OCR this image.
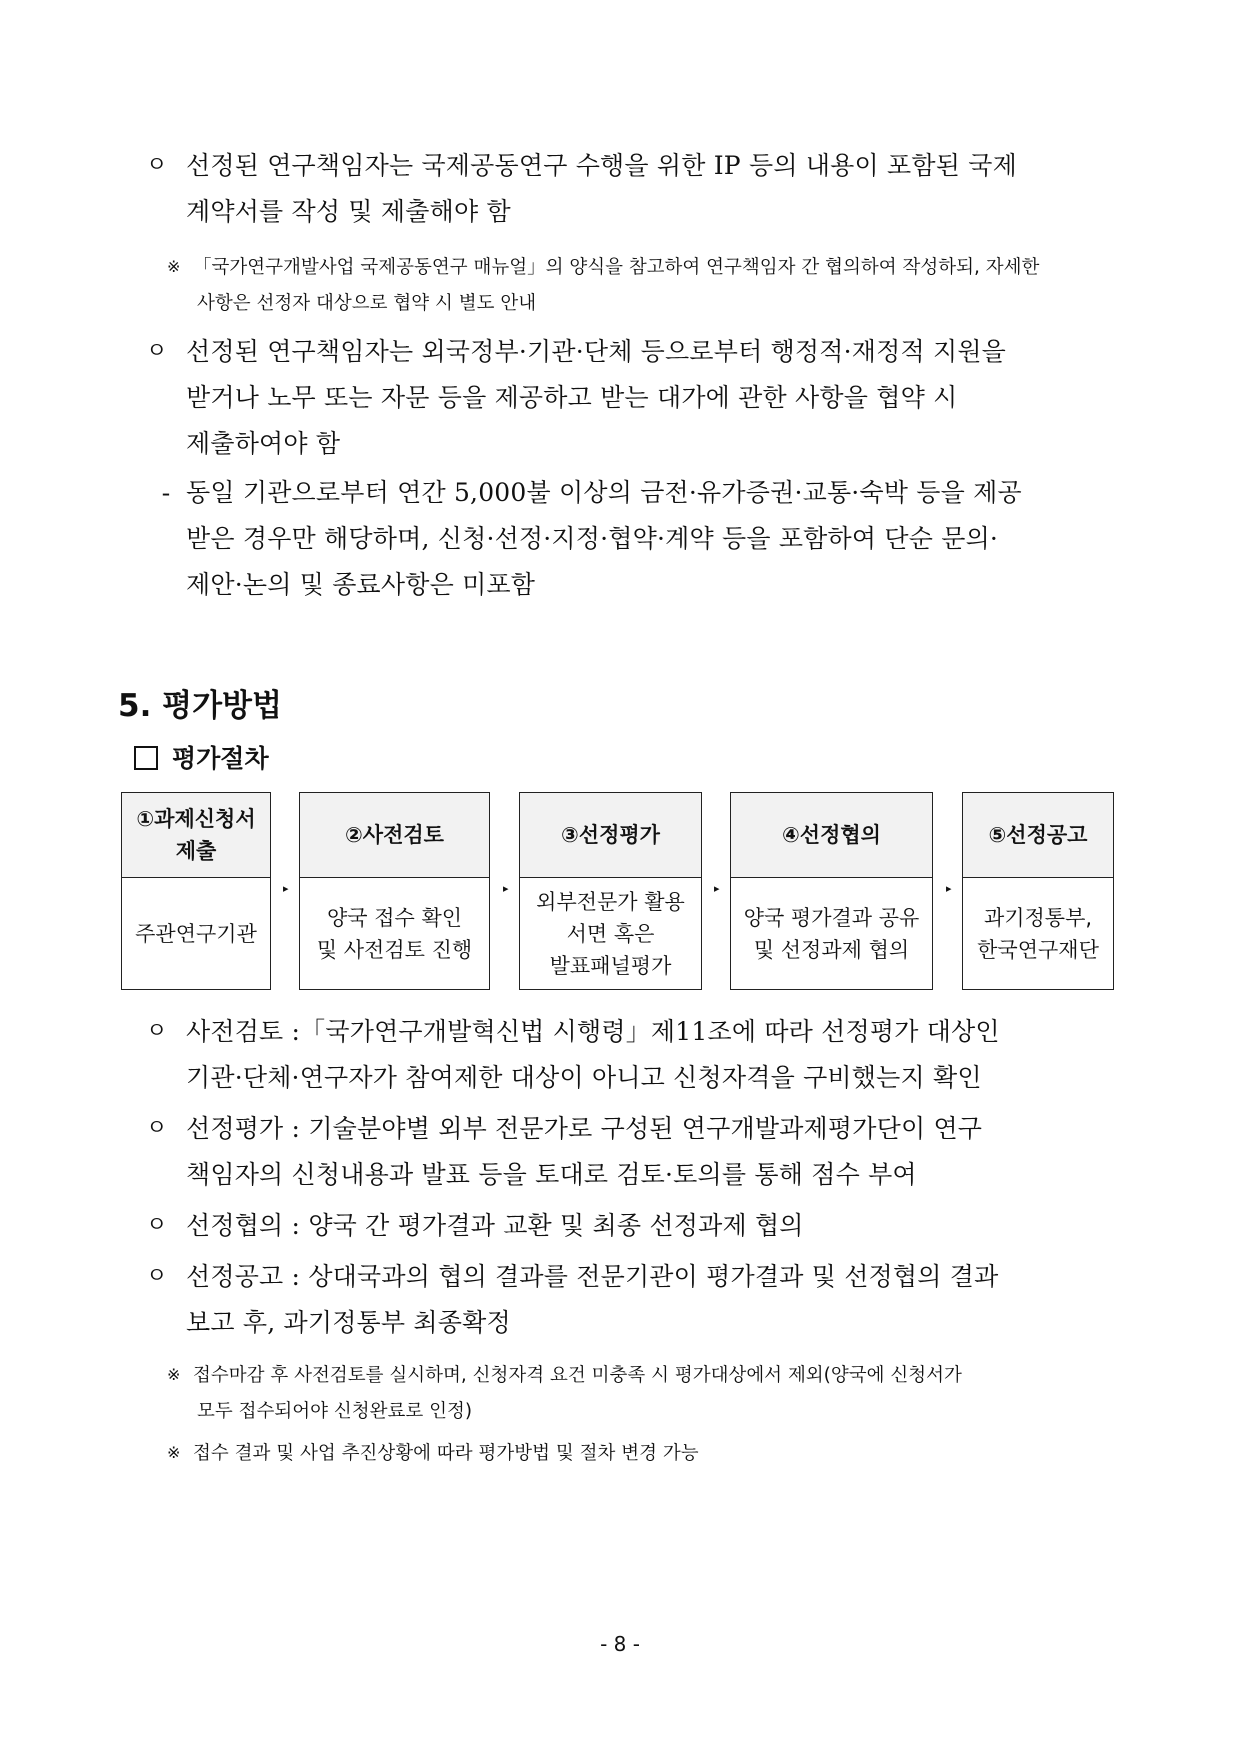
ㅇ 선정된 연구책임자는 국제공동연구 수행을 위한 IP 등의 내용이 포함된 국제
계약서를 작성 및 제출해야 함
※ 「국가연구개발사업 국제공동연구 매뉴얼」의 양식을 참고하여 연구책임자 간 협의하여 작성하되, 자세한
사항은 선정자 대상으로 협약 시 별도 안내
ㅇ 선정된 연구책임자는 외국정부·기관·단체 등으로부터 행정적·재정적 지원을
받거나 노무 또는 자문 등을 제공하고 받는 대가에 관한 사항을 협약 시
제출하여야 함
- 동일 기관으로부터 연간 5,000불 이상의 금전·유가증권·교통·숙박 등을 제공
받은 경우만 해당하며, 신청·선정·지정·협약·계약 등을 포함하여 단순 문의·
제안·논의 및 종료사항은 미포함
5. 평가방법
평가절차
①과제신청서
제출
주관연구기관
▸
②사전검토
양국 접수 확인
및 사전검토 진행
▸
③선정평가
외부전문가 활용
서면 혹은
발표패널평가
▸
④선정협의
양국 평가결과 공유
및 선정과제 협의
▸
⑤선정공고
과기정통부,
한국연구재단
ㅇ 사전검토 :「국가연구개발혁신법 시행령」제11조에 따라 선정평가 대상인
기관·단체·연구자가 참여제한 대상이 아니고 신청자격을 구비했는지 확인
ㅇ 선정평가 : 기술분야별 외부 전문가로 구성된 연구개발과제평가단이 연구
책임자의 신청내용과 발표 등을 토대로 검토·토의를 통해 점수 부여
ㅇ 선정협의 : 양국 간 평가결과 교환 및 최종 선정과제 협의
ㅇ 선정공고 : 상대국과의 협의 결과를 전문기관이 평가결과 및 선정협의 결과
보고 후, 과기정통부 최종확정
※ 접수마감 후 사전검토를 실시하며, 신청자격 요건 미충족 시 평가대상에서 제외(양국에 신청서가
모두 접수되어야 신청완료로 인정)
※ 접수 결과 및 사업 추진상황에 따라 평가방법 및 절차 변경 가능
- 8 -
